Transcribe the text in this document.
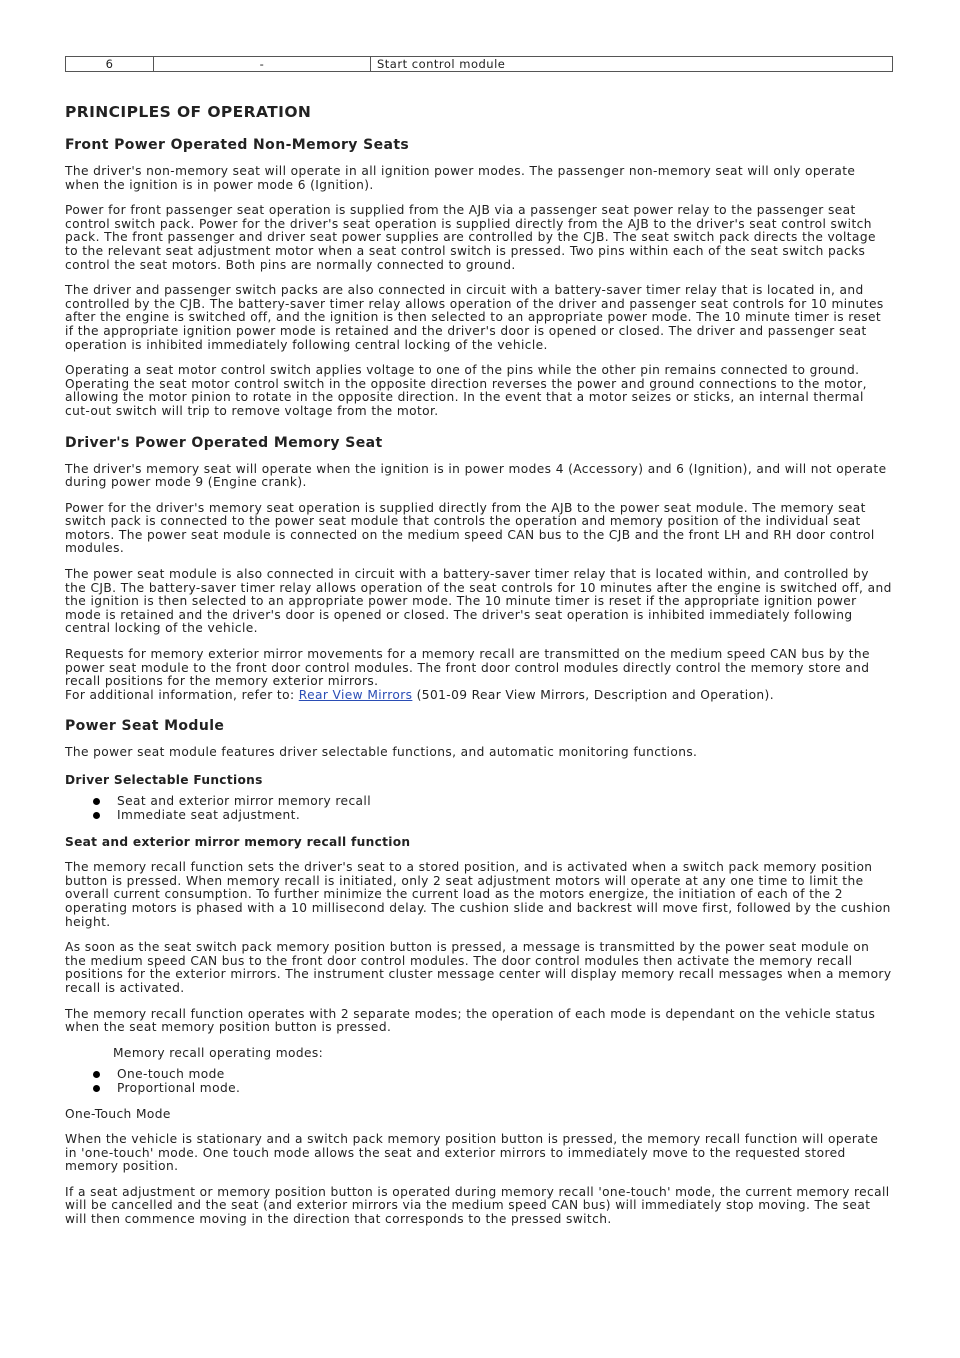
6	-	Start control module
PRINCIPLES OF OPERATION
Front Power Operated Non-Memory Seats

The driver's non-memory seat will operate in all ignition power modes. The passenger non-memory seat will only operate when the ignition is in power mode 6 (Ignition).

Power for front passenger seat operation is supplied from the AJB via a passenger seat power relay to the passenger seat control switch pack. Power for the driver's seat operation is supplied directly from the AJB to the driver's seat control switch pack. The front passenger and driver seat power supplies are controlled by the CJB. The seat switch pack directs the voltage to the relevant seat adjustment motor when a seat control switch is pressed. Two pins within each of the seat switch packs control the seat motors. Both pins are normally connected to ground.

The driver and passenger switch packs are also connected in circuit with a battery-saver timer relay that is located in, and controlled by the CJB. The battery-saver timer relay allows operation of the driver and passenger seat controls for 10 minutes after the engine is switched off, and the ignition is then selected to an appropriate power mode. The 10 minute timer is reset if the appropriate ignition power mode is retained and the driver's door is opened or closed. The driver and passenger seat operation is inhibited immediately following central locking of the vehicle.

Operating a seat motor control switch applies voltage to one of the pins while the other pin remains connected to ground. Operating the seat motor control switch in the opposite direction reverses the power and ground connections to the motor, allowing the motor pinion to rotate in the opposite direction. In the event that a motor seizes or sticks, an internal thermal cut-out switch will trip to remove voltage from the motor.

Driver's Power Operated Memory Seat

The driver's memory seat will operate when the ignition is in power modes 4 (Accessory) and 6 (Ignition), and will not operate during power mode 9 (Engine crank).

Power for the driver's memory seat operation is supplied directly from the AJB to the power seat module. The memory seat switch pack is connected to the power seat module that controls the operation and memory position of the individual seat motors. The power seat module is connected on the medium speed CAN bus to the CJB and the front LH and RH door control modules.

The power seat module is also connected in circuit with a battery-saver timer relay that is located within, and controlled by the CJB. The battery-saver timer relay allows operation of the seat controls for 10 minutes after the engine is switched off, and the ignition is then selected to an appropriate power mode. The 10 minute timer is reset if the appropriate ignition power mode is retained and the driver's door is opened or closed. The driver's seat operation is inhibited immediately following central locking of the vehicle.

Requests for memory exterior mirror movements for a memory recall are transmitted on the medium speed CAN bus by the power seat module to the front door control modules. The front door control modules directly control the memory store and recall positions for the memory exterior mirrors.

For additional information, refer to: Rear View Mirrors (501-09 Rear View Mirrors, Description and Operation).

Power Seat Module

The power seat module features driver selectable functions, and automatic monitoring functions.

Driver Selectable Functions
Seat and exterior mirror memory recall
Immediate seat adjustment.
Seat and exterior mirror memory recall function

The memory recall function sets the driver's seat to a stored position, and is activated when a switch pack memory position button is pressed. When memory recall is initiated, only 2 seat adjustment motors will operate at any one time to limit the overall current consumption. To further minimize the current load as the motors energize, the initiation of each of the 2 operating motors is phased with a 10 millisecond delay. The cushion slide and backrest will move first, followed by the cushion height.

As soon as the seat switch pack memory position button is pressed, a message is transmitted by the power seat module on the medium speed CAN bus to the front door control modules. The door control modules then activate the memory recall positions for the exterior mirrors. The instrument cluster message center will display memory recall messages when a memory recall is activated.

The memory recall function operates with 2 separate modes; the operation of each mode is dependant on the vehicle status when the seat memory position button is pressed.

Memory recall operating modes:

One-touch mode
Proportional mode.

One-Touch Mode

When the vehicle is stationary and a switch pack memory position button is pressed, the memory recall function will operate in 'one-touch' mode. One touch mode allows the seat and exterior mirrors to immediately move to the requested stored memory position.

If a seat adjustment or memory position button is operated during memory recall 'one-touch' mode, the current memory recall will be cancelled and the seat (and exterior mirrors via the medium speed CAN bus) will immediately stop moving. The seat will then commence moving in the direction that corresponds to the pressed switch.
